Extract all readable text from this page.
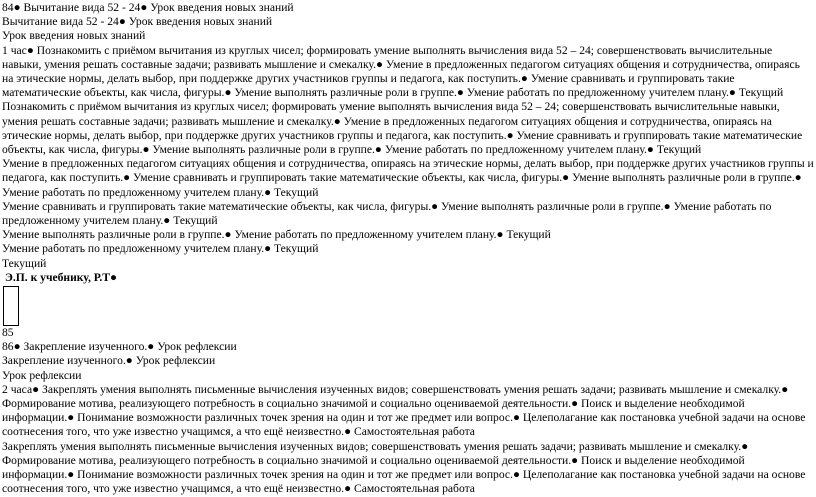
84● Вычитание вида 52 - 24● Урок введения новых знаний
Вычитание вида 52 - 24● Урок введения новых знаний
Урок введения новых знаний

1 час● Познакомить с приёмом вычитания из круглых чисел; формировать умение выполнять вычисления вида 52 – 24; совершенствовать вычислительные навыки, умения решать составные задачи; развивать мышление и смекалку.● Умение в предложенных педагогом ситуациях общения и сотрудничества, опираясь на этические нормы, делать выбор, при поддержке других участников группы и педагога, как поступить.● Умение сравнивать и группировать такие математические объекты, как числа, фигуры.● Умение выполнять различные роли в группе.● Умение работать по предложенному учителем плану.● Текущий

Познакомить с приёмом вычитания из круглых чисел; формировать умение выполнять вычисления вида 52 – 24; совершенствовать вычислительные навыки, умения решать составные задачи; развивать мышление и смекалку.● Умение в предложенных педагогом ситуациях общения и сотрудничества, опираясь на этические нормы, делать выбор, при поддержке других участников группы и педагога, как поступить.● Умение сравнивать и группировать такие математические объекты, как числа, фигуры.● Умение выполнять различные роли в группе.● Умение работать по предложенному учителем плану.● Текущий

Умение в предложенных педагогом ситуациях общения и сотрудничества, опираясь на этические нормы, делать выбор, при поддержке других участников группы и педагога, как поступить.● Умение сравнивать и группировать такие математические объекты, как числа, фигуры.● Умение выполнять различные роли в группе.● Умение работать по предложенному учителем плану.● Текущий

Умение сравнивать и группировать такие математические объекты, как числа, фигуры.● Умение выполнять различные роли в группе.● Умение работать по предложенному учителем плану.● Текущий

Умение выполнять различные роли в группе.● Умение работать по предложенному учителем плану.● Текущий

Умение работать по предложенному учителем плану.● Текущий

Текущий

Э.П. к учебнику, Р.Т●
85
86● Закрепление изученного.● Урок рефлексии
Закрепление изученного.● Урок рефлексии
Урок рефлексии

2 часа● Закреплять умения выполнять письменные вычисления изученных видов; совершенствовать умения решать задачи; развивать мышление и смекалку.● Формирование мотива, реализующего потребность в социально значимой и социально оцениваемой деятельности.● Поиск и выделение необходимой информации.● Понимание возможности различных точек зрения на один и тот же предмет или вопрос.● Целеполагание как постановка учебной задачи на основе соотнесения того, что уже известно учащимся, а что ещё неизвестно.● Самостоятельная работа

Закреплять умения выполнять письменные вычисления изученных видов; совершенствовать умения решать задачи; развивать мышление и смекалку.● Формирование мотива, реализующего потребность в социально значимой и социально оцениваемой деятельности.● Поиск и выделение необходимой информации.● Понимание возможности различных точек зрения на один и тот же предмет или вопрос.● Целеполагание как постановка учебной задачи на основе соотнесения того, что уже известно учащимся, а что ещё неизвестно.● Самостоятельная работа
